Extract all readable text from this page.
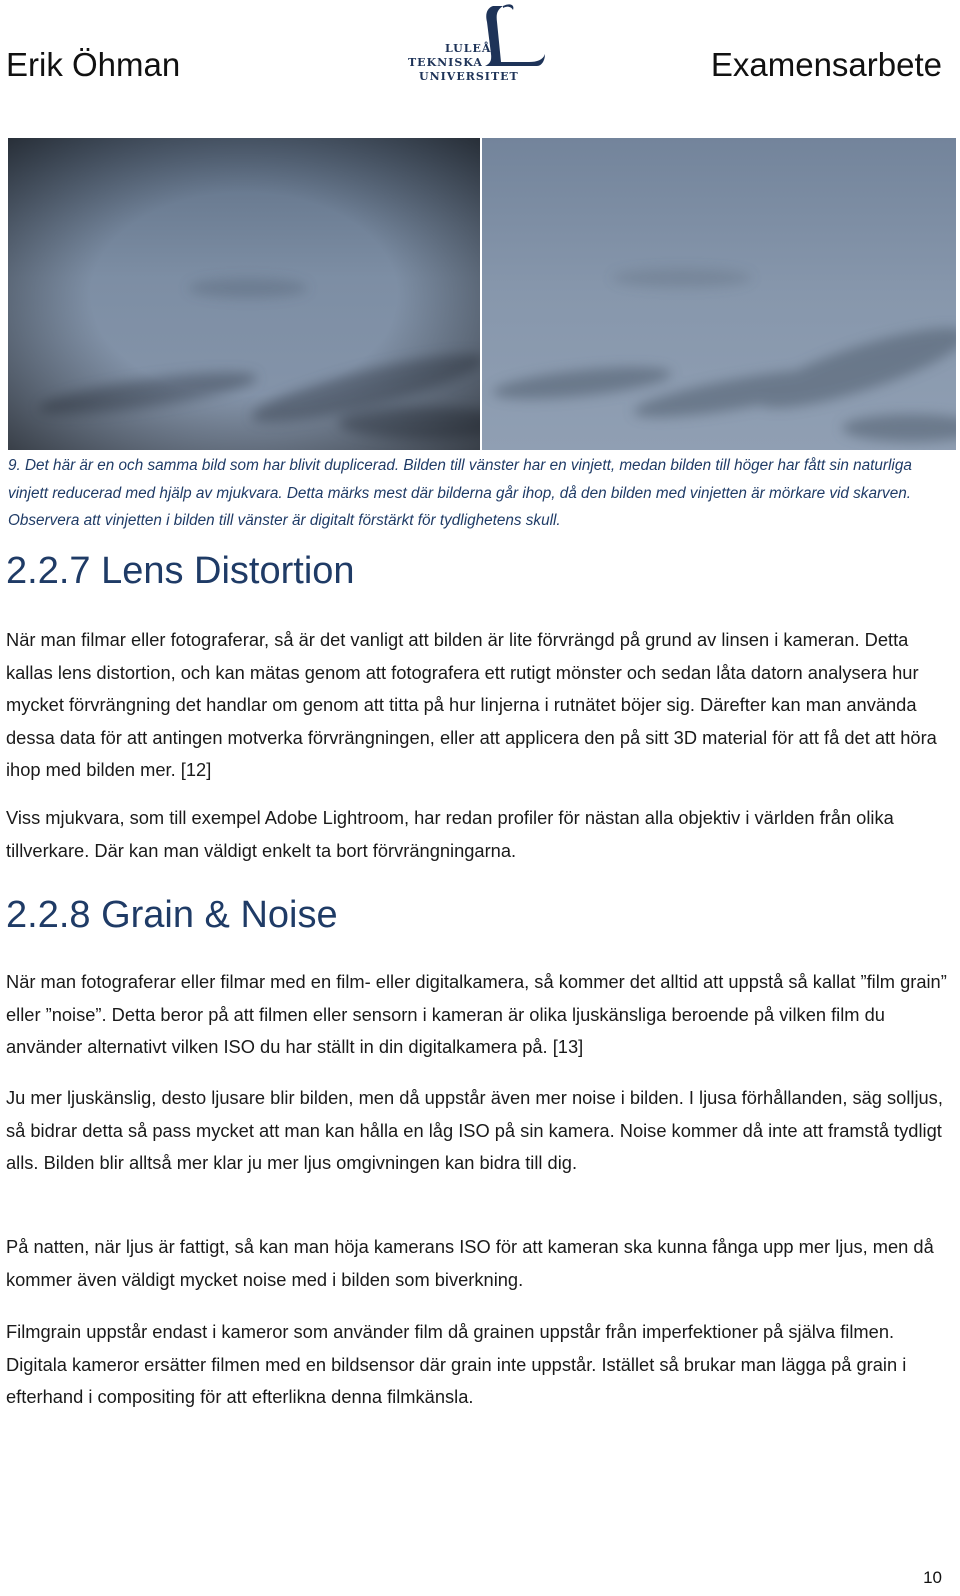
Erik Öhman	LULEÅ
TEKNISKA
UNIVERSITET	Examensarbete
9. Det här är en och samma bild som har blivit duplicerad. Bilden till vänster har en vinjett, medan bilden till höger har fått sin naturliga vinjett reducerad med hjälp av mjukvara. Detta märks mest där bilderna går ihop, då den bilden med vinjetten är mörkare vid skarven. Observera att vinjetten i bilden till vänster är digitalt förstärkt för tydlighetens skull.
2.2.7 Lens Distortion

När man filmar eller fotograferar, så är det vanligt att bilden är lite förvrängd på grund av linsen i kameran. Detta kallas lens distortion, och kan mätas genom att fotografera ett rutigt mönster och sedan låta datorn analysera hur mycket förvrängning det handlar om genom att titta på hur linjerna i rutnätet böjer sig. Därefter kan man använda dessa data för att antingen motverka förvrängningen, eller att applicera den på sitt 3D material för att få det att höra ihop med bilden mer. [12]

Viss mjukvara, som till exempel Adobe Lightroom, har redan profiler för nästan alla objektiv i världen från olika tillverkare. Där kan man väldigt enkelt ta bort förvrängningarna.

2.2.8 Grain & Noise

När man fotograferar eller filmar med en film- eller digitalkamera, så kommer det alltid att uppstå så kallat ”film grain” eller ”noise”. Detta beror på att filmen eller sensorn i kameran är olika ljuskänsliga beroende på vilken film du använder alternativt vilken ISO du har ställt in din digitalkamera på. [13]

Ju mer ljuskänslig, desto ljusare blir bilden, men då uppstår även mer noise i bilden. I ljusa förhållanden, säg solljus, så bidrar detta så pass mycket att man kan hålla en låg ISO på sin kamera. Noise kommer då inte att framstå tydligt alls. Bilden blir alltså mer klar ju mer ljus omgivningen kan bidra till dig.

På natten, när ljus är fattigt, så kan man höja kamerans ISO för att kameran ska kunna fånga upp mer ljus, men då kommer även väldigt mycket noise med i bilden som biverkning.

Filmgrain uppstår endast i kameror som använder film då grainen uppstår från imperfektioner på själva filmen. Digitala kameror ersätter filmen med en bildsensor där grain inte uppstår. Istället så brukar man lägga på grain i efterhand i compositing för att efterlikna denna filmkänsla.

10
